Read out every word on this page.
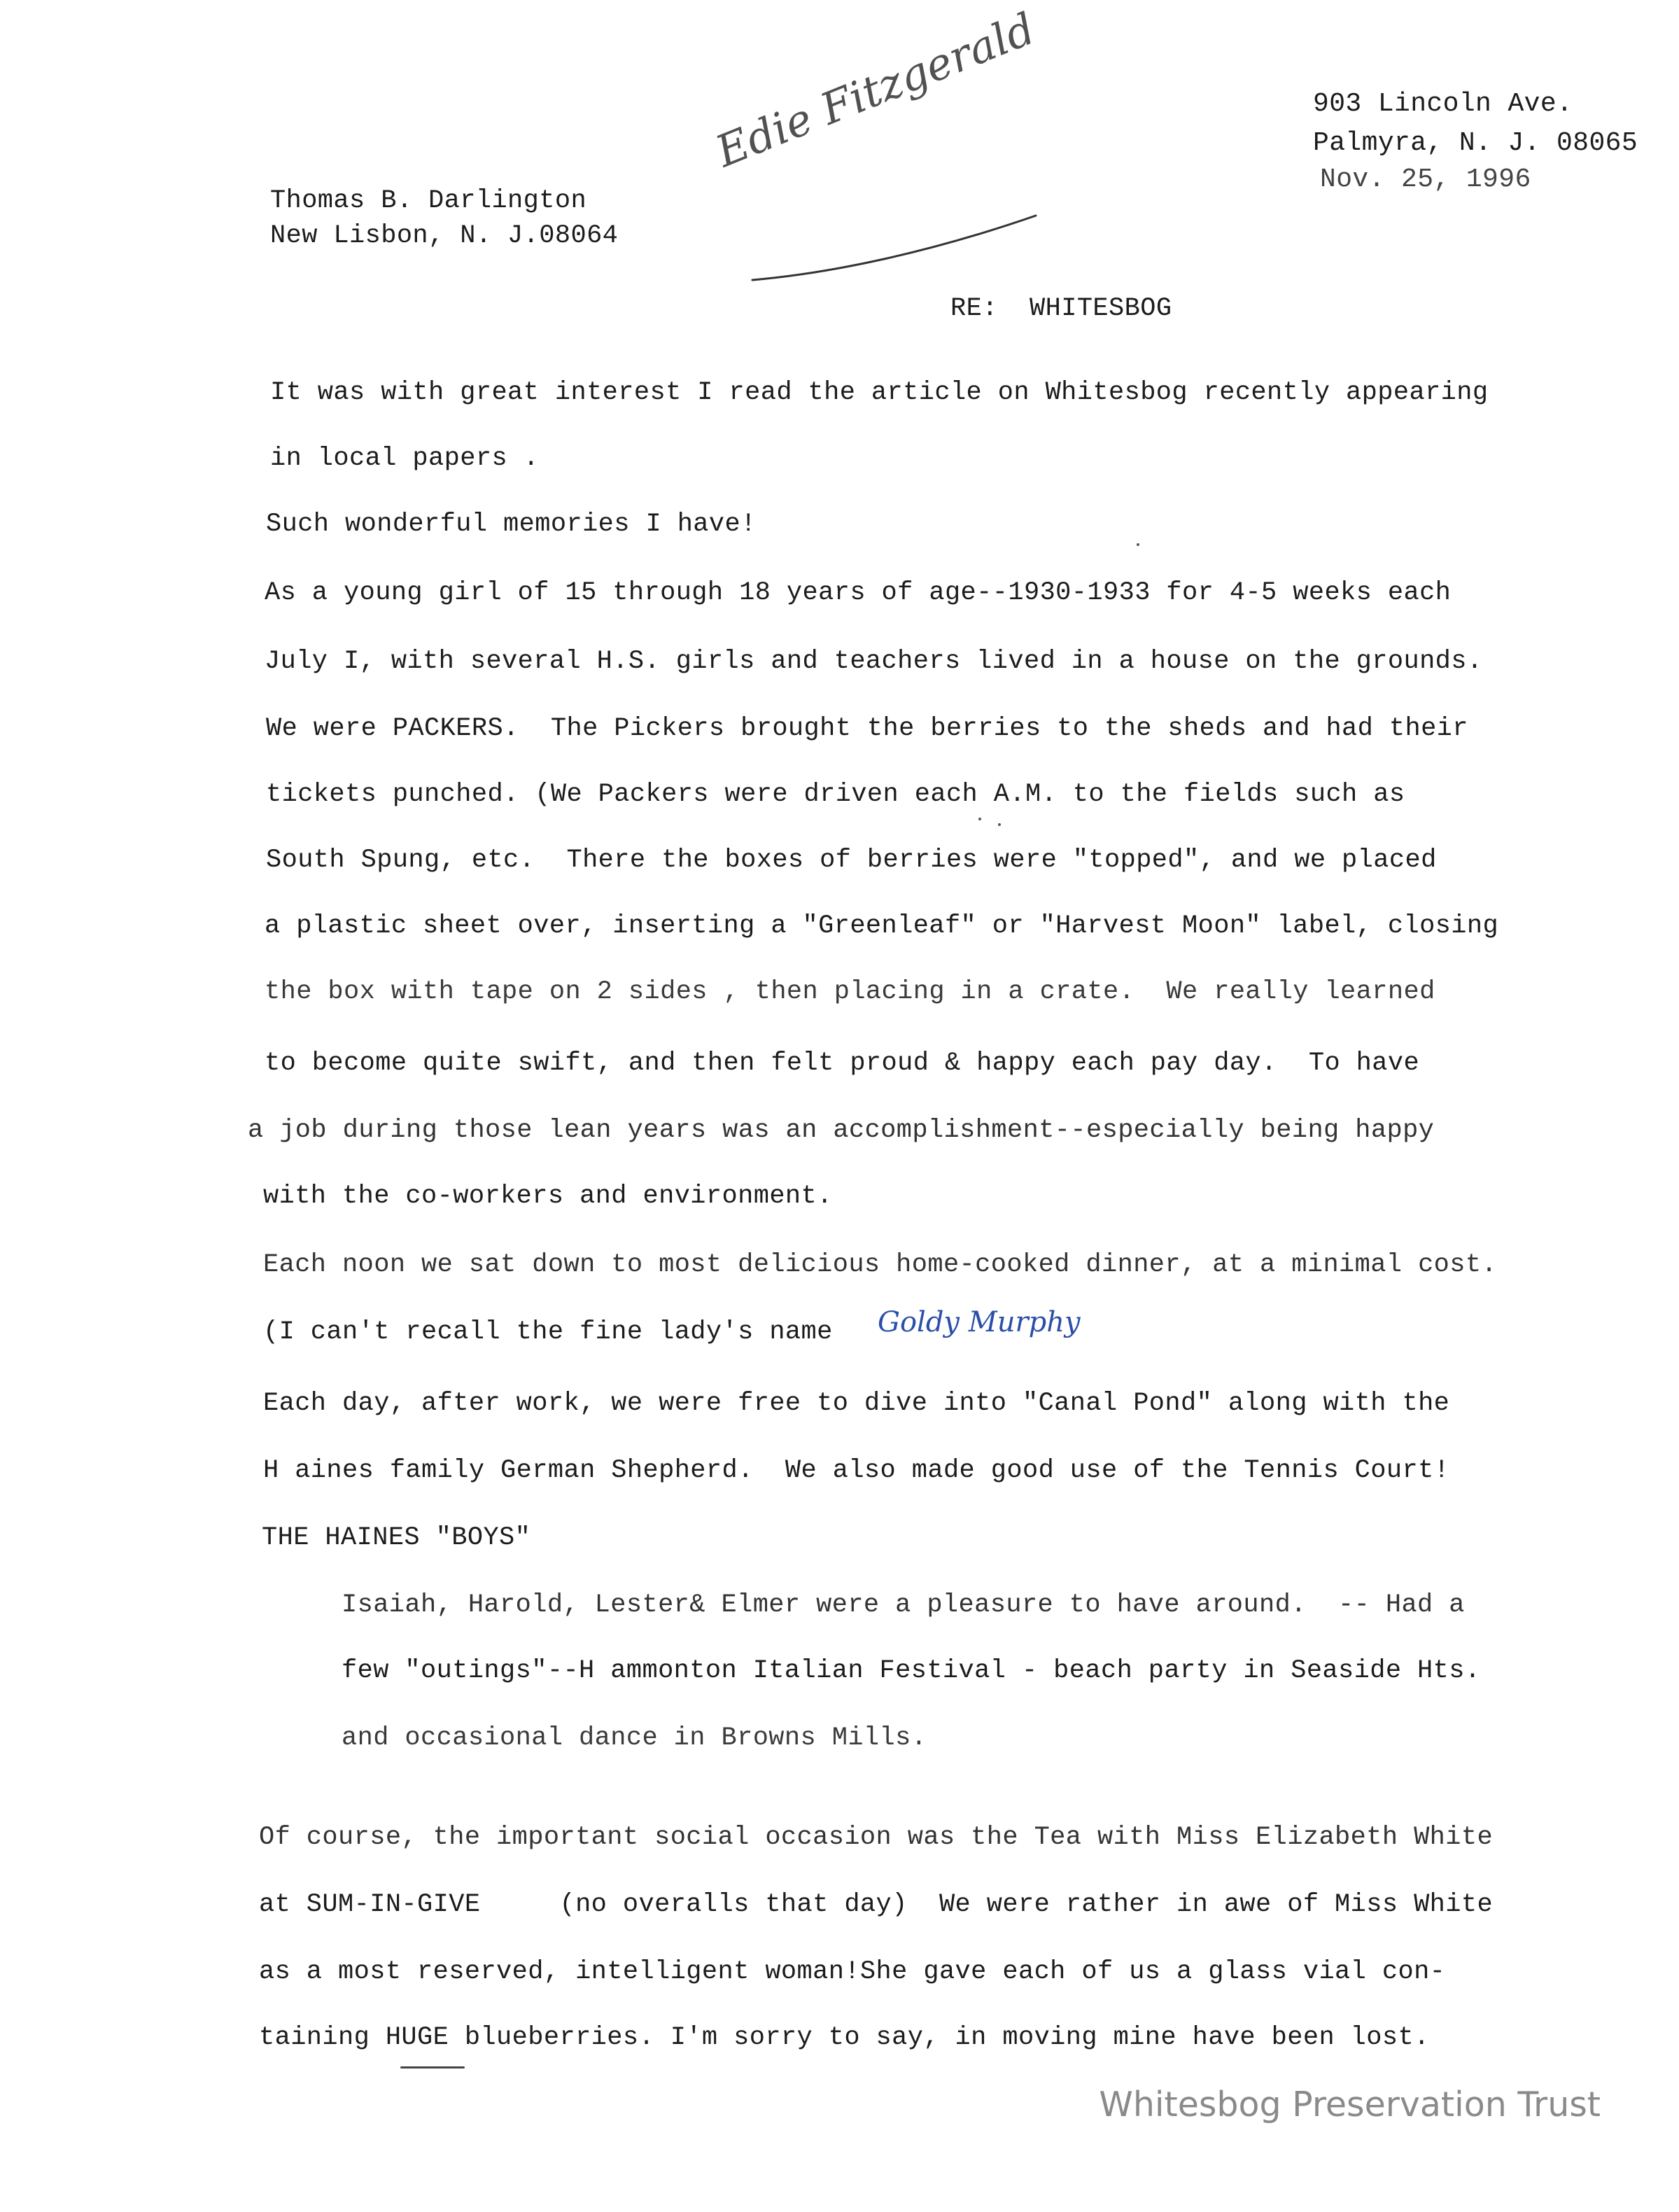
903 Lincoln Ave.
Palmyra, N. J. 08065
Nov. 25, 1996
Thomas B. Darlington
New Lisbon, N. J.08064
Edie Fitzgerald
RE:  WHITESBOG
It was with great interest I read the article on Whitesbog recently appearing
in local papers .
Such wonderful memories I have!
As a young girl of 15 through 18 years of age--1930-1933 for 4-5 weeks each
July I, with several H.S. girls and teachers lived in a house on the grounds.
We were PACKERS.  The Pickers brought the berries to the sheds and had their
tickets punched. (We Packers were driven each A.M. to the fields such as
South Spung, etc.  There the boxes of berries were "topped", and we placed
a plastic sheet over, inserting a "Greenleaf" or "Harvest Moon" label, closing
the box with tape on 2 sides , then placing in a crate.  We really learned
to become quite swift, and then felt proud & happy each pay day.  To have
a job during those lean years was an accomplishment--especially being happy
with the co-workers and environment.
Each noon we sat down to most delicious home-cooked dinner, at a minimal cost.
(I can't recall the fine lady's name Goldy Murphy
Each day, after work, we were free to dive into "Canal Pond" along with the
H aines family German Shepherd.  We also made good use of the Tennis Court!
THE HAINES "BOYS"
Isaiah, Harold, Lester& Elmer were a pleasure to have around.  -- Had a
few "outings"--H ammonton Italian Festival - beach party in Seaside Hts.
and occasional dance in Browns Mills.
Of course, the important social occasion was the Tea with Miss Elizabeth White
at SUM-IN-GIVE     (no overalls that day)  We were rather in awe of Miss White
as a most reserved, intelligent woman!She gave each of us a glass vial con-
taining HUGE blueberries. I'm sorry to say, in moving mine have been lost.
Whitesbog Preservation Trust
